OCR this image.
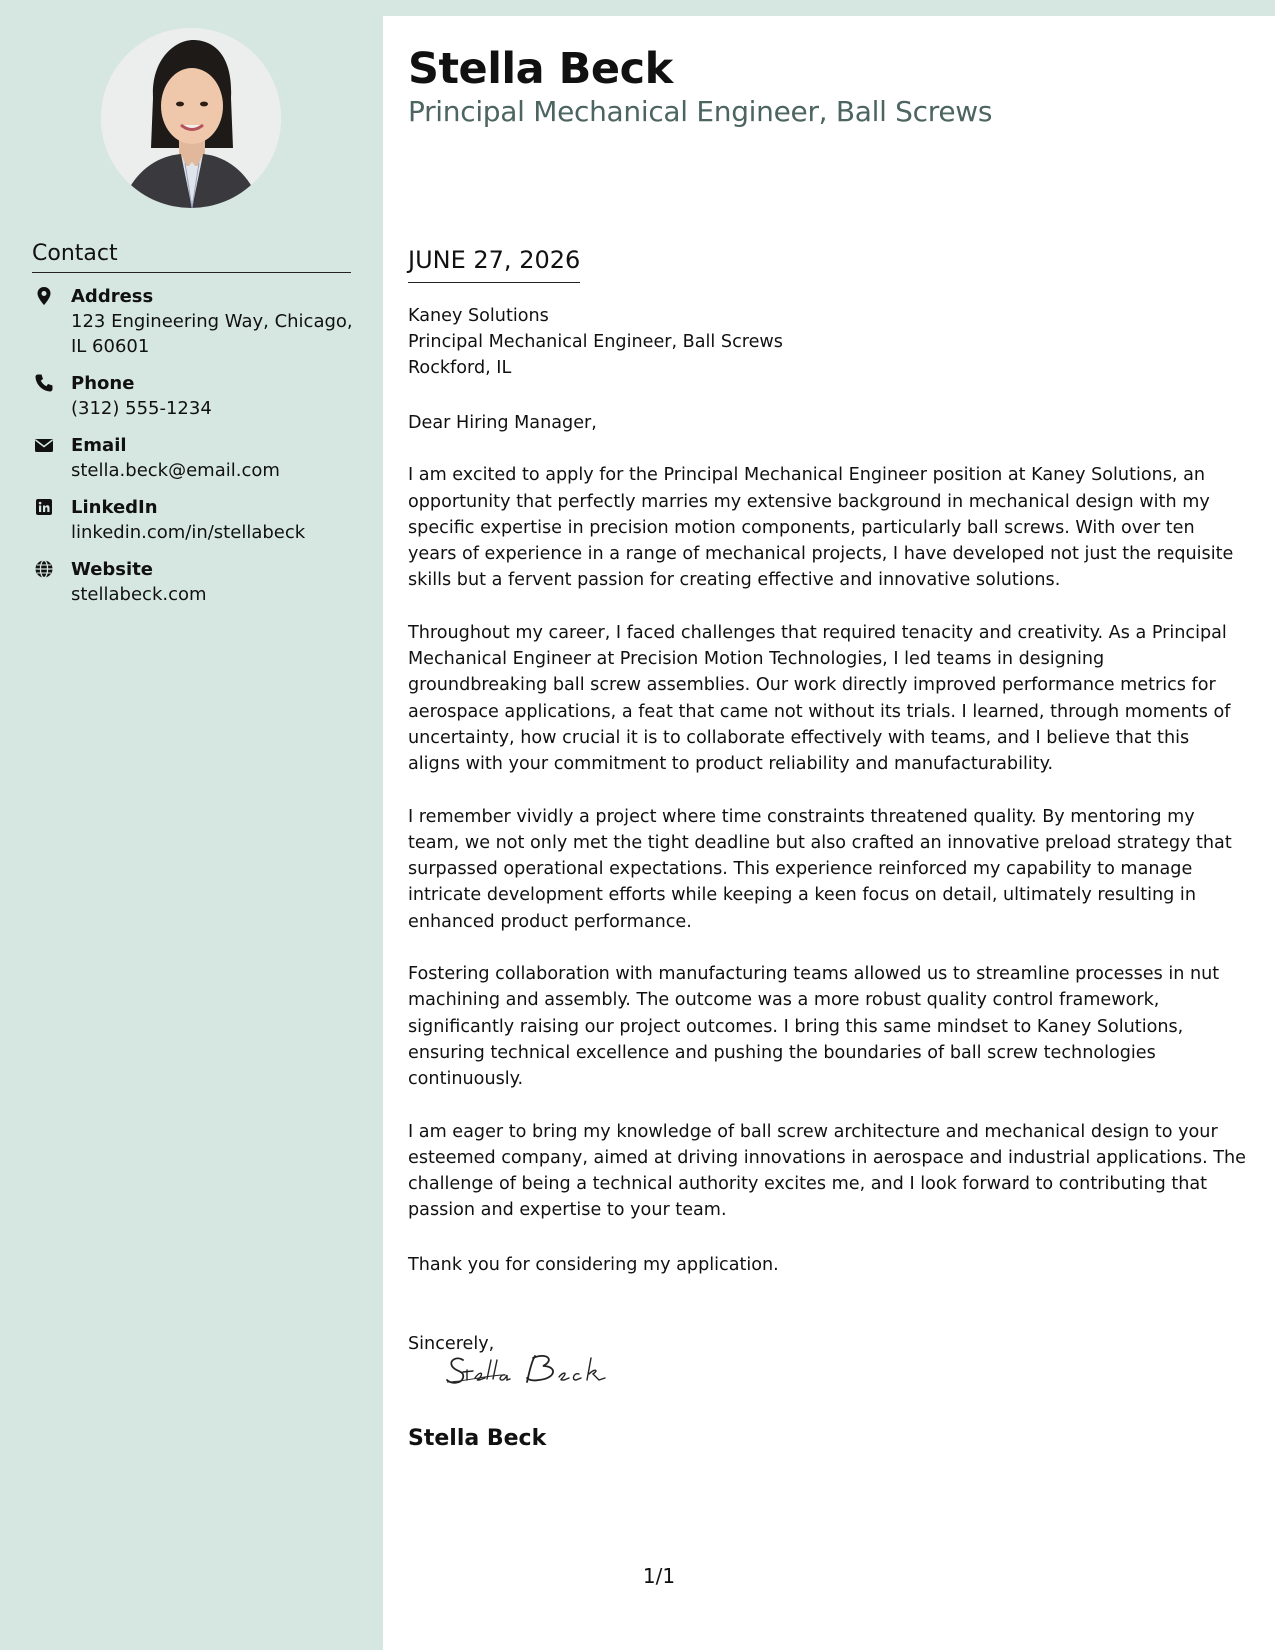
Contact
Address
123 Engineering Way, Chicago, IL 60601
Phone
(312) 555-1234
Email
stella.beck@email.com
LinkedIn
linkedin.com/in/stellabeck
Website
stellabeck.com
Stella Beck
Principal Mechanical Engineer, Ball Screws
JUNE 27, 2026
Kaney Solutions
Principal Mechanical Engineer, Ball Screws
Rockford, IL

Dear Hiring Manager,

I am excited to apply for the Principal Mechanical Engineer position at Kaney Solutions, an opportunity that perfectly marries my extensive background in mechanical design with my specific expertise in precision motion components, particularly ball screws. With over ten years of experience in a range of mechanical projects, I have developed not just the requisite skills but a fervent passion for creating effective and innovative solutions.

Throughout my career, I faced challenges that required tenacity and creativity. As a Principal Mechanical Engineer at Precision Motion Technologies, I led teams in designing groundbreaking ball screw assemblies. Our work directly improved performance metrics for aerospace applications, a feat that came not without its trials. I learned, through moments of uncertainty, how crucial it is to collaborate effectively with teams, and I believe that this aligns with your commitment to product reliability and manufacturability.

I remember vividly a project where time constraints threatened quality. By mentoring my team, we not only met the tight deadline but also crafted an innovative preload strategy that surpassed operational expectations. This experience reinforced my capability to manage intricate development efforts while keeping a keen focus on detail, ultimately resulting in enhanced product performance.

Fostering collaboration with manufacturing teams allowed us to streamline processes in nut machining and assembly. The outcome was a more robust quality control framework, significantly raising our project outcomes. I bring this same mindset to Kaney Solutions, ensuring technical excellence and pushing the boundaries of ball screw technologies continuously.

I am eager to bring my knowledge of ball screw architecture and mechanical design to your esteemed company, aimed at driving innovations in aerospace and industrial applications. The challenge of being a technical authority excites me, and I look forward to contributing that passion and expertise to your team.

Thank you for considering my application.

Sincerely,

Stella Beck
1/1
